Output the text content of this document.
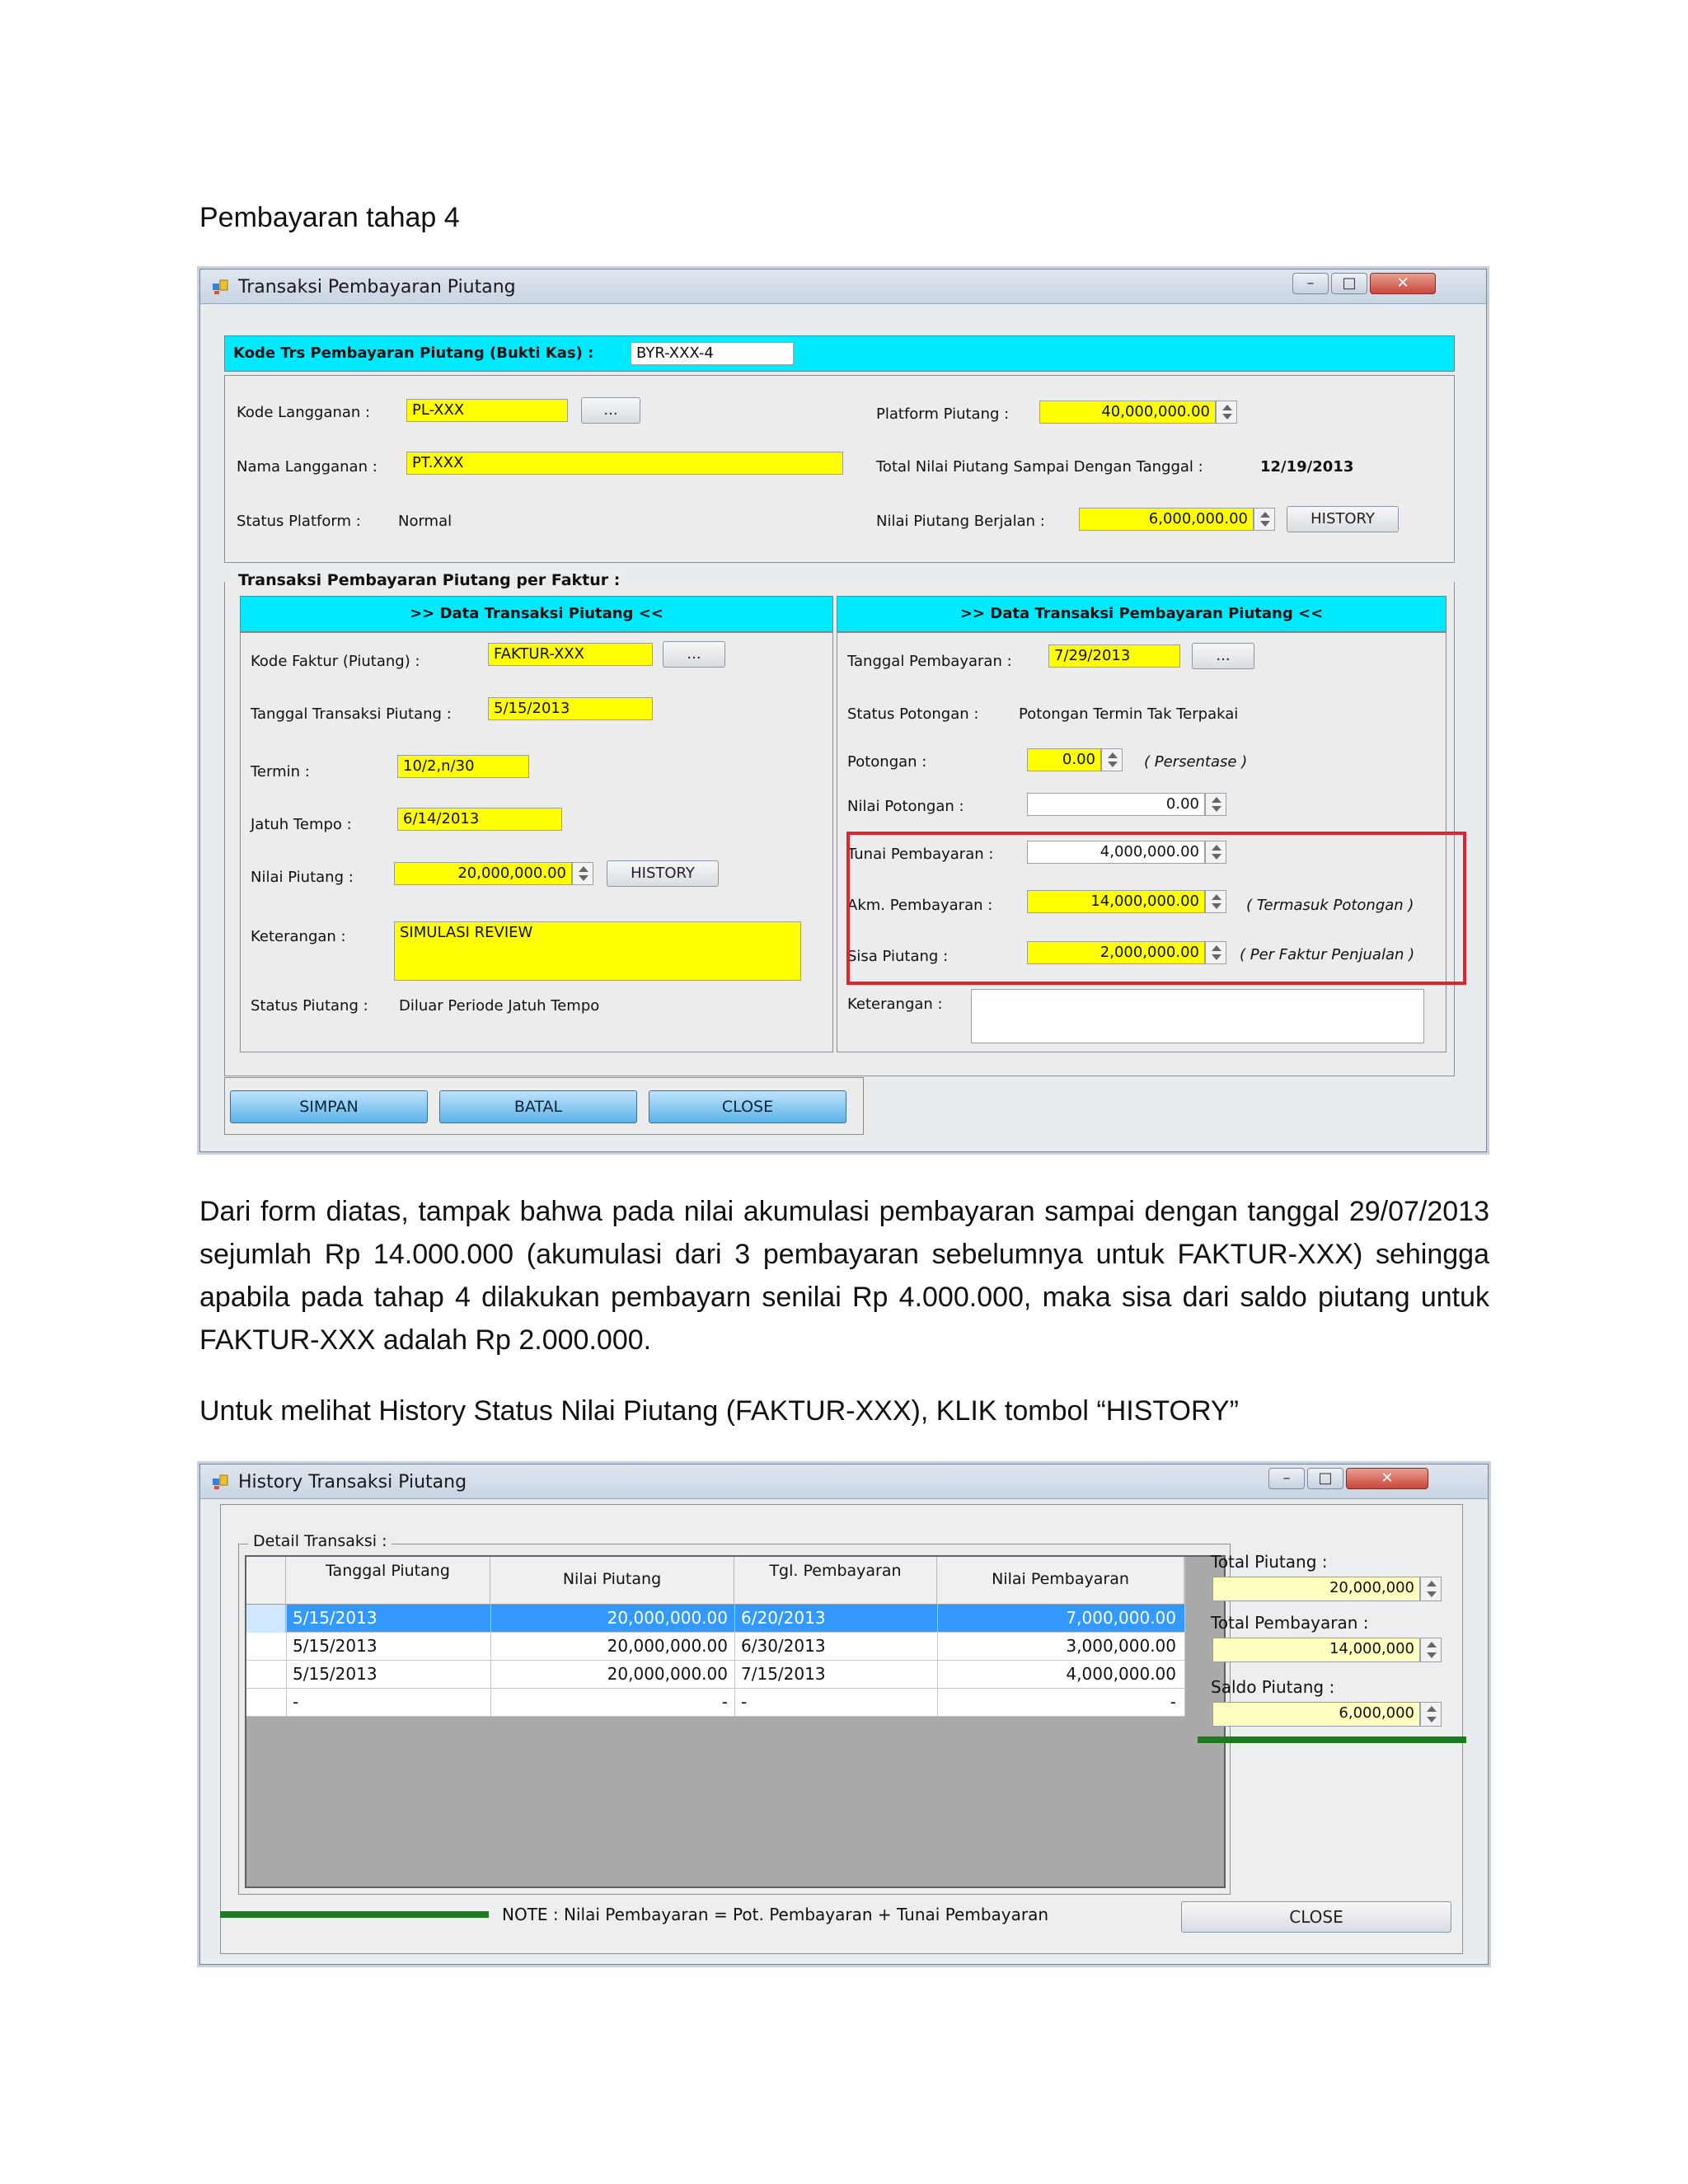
Pembayaran tahap 4
Transaksi Pembayaran Piutang	–	□	✕
Kode Trs Pembayaran Piutang (Bukti Kas) :	BYR-XXX-4
Kode Langganan :	PL-XXX	...
Nama Langganan :	PT.XXX
Status Platform :	Normal
Platform Piutang :	40,000,000.00
Total Nilai Piutang Sampai Dengan Tanggal :	12/19/2013
Nilai Piutang Berjalan :	6,000,000.00	HISTORY
Transaksi Pembayaran Piutang per Faktur :
>> Data Transaksi Piutang <<
Kode Faktur (Piutang) :	FAKTUR-XXX	...
Tanggal Transaksi Piutang :	5/15/2013
Termin :	10/2,n/30
Jatuh Tempo :	6/14/2013
Nilai Piutang :	20,000,000.00	HISTORY
Keterangan :	SIMULASI REVIEW
Status Piutang : Diluar Periode Jatuh Tempo
>> Data Transaksi Pembayaran Piutang <<
Tanggal Pembayaran :	7/29/2013	...
Status Potongan :	Potongan Termin Tak Terpakai
Potongan :	0.00	( Persentase )
Nilai Potongan :	0.00
Tunai Pembayaran :	4,000,000.00
Akm. Pembayaran :	14,000,000.00	( Termasuk Potongan )
Sisa Piutang :	2,000,000.00	( Per Faktur Penjualan )
Keterangan :
SIMPAN	BATAL	CLOSE
Dari form diatas, tampak bahwa pada nilai akumulasi pembayaran sampai dengan tanggal 29/07/2013 sejumlah Rp 14.000.000 (akumulasi dari 3 pembayaran sebelumnya untuk FAKTUR-XXX) sehingga apabila pada tahap 4 dilakukan pembayarn senilai Rp 4.000.000, maka sisa dari saldo piutang untuk FAKTUR-XXX adalah Rp 2.000.000.
Untuk melihat History Status Nilai Piutang (FAKTUR-XXX), KLIK tombol “HISTORY”
History Transaksi Piutang	–	□	✕
Detail Transaksi :
Tanggal Piutang	Nilai Piutang	Tgl. Pembayaran	Nilai Pembayaran
5/15/2013	20,000,000.00 6/20/2013	7,000,000.00
5/15/2013	20,000,000.00 6/30/2013	3,000,000.00
5/15/2013	20,000,000.00 7/15/2013	4,000,000.00
-	- -	-
Total Piutang :
20,000,000
Total Pembayaran :
14,000,000
Saldo Piutang :
6,000,000
NOTE : Nilai Pembayaran = Pot. Pembayaran + Tunai Pembayaran	CLOSE
